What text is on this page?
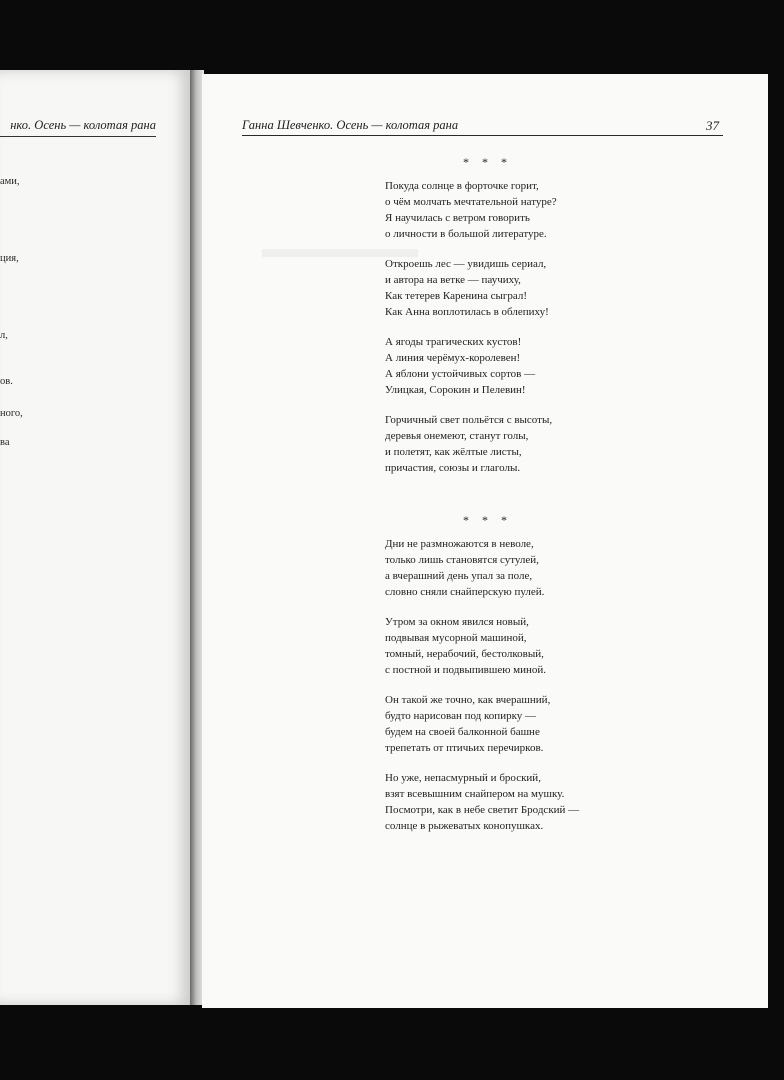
нко. Осень — колотая рана
ами,
ция,
л,
ов.
ного,
ва
Ганна Шевченко. Осень — колотая рана	37
* * *
Покуда солнце в форточке горит,
о чём молчать мечтательной натуре?
Я научилась с ветром говорить
о личности в большой литературе.
Откроешь лес — увидишь сериал,
и автора на ветке — паучиху,
Как тетерев Каренина сыграл!
Как Анна воплотилась в облепиху!
А ягоды трагических кустов!
А линия черёмух-королевен!
А яблони устойчивых сортов —
Улицкая, Сорокин и Пелевин!
Горчичный свет польётся с высоты,
деревья онемеют, станут голы,
и полетят, как жёлтые листы,
причастия, союзы и глаголы.
* * *
Дни не размножаются в неволе,
только лишь становятся сутулей,
а вчерашний день упал за поле,
словно сняли снайперскую пулей.
Утром за окном явился новый,
подвывая мусорной машиной,
томный, нерабочий, бестолковый,
с постной и подвыпившею миной.
Он такой же точно, как вчерашний,
будто нарисован под копирку —
будем на своей балконной башне
трепетать от птичьих перечирков.
Но уже, непасмурный и броский,
взят всевышним снайпером на мушку.
Посмотри, как в небе светит Бродский —
солнце в рыжеватых конопушках.
